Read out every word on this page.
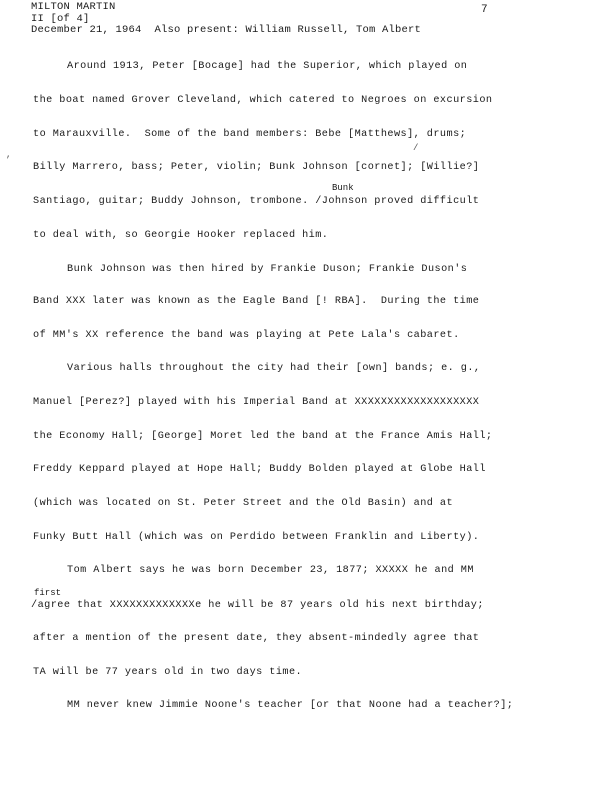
MILTON MARTIN
II [of 4]
December 21, 1964  Also present: William Russell, Tom Albert
7
,
/
Around 1913, Peter [Bocage] had the Superior, which played on
the boat named Grover Cleveland, which catered to Negroes on excursion
to Marauxville.  Some of the band members: Bebe [Matthews], drums;
Billy Marrero, bass; Peter, violin; Bunk Johnson [cornet]; [Willie?]
Bunk
Santiago, guitar; Buddy Johnson, trombone. /Johnson proved difficult
to deal with, so Georgie Hooker replaced him.
Bunk Johnson was then hired by Frankie Duson; Frankie Duson's
Band XXX later was known as the Eagle Band [! RBA].  During the time
of MM's XX reference the band was playing at Pete Lala's cabaret.
Various halls throughout the city had their [own] bands; e. g.,
Manuel [Perez?] played with his Imperial Band at XXXXXXXXXXXXXXXXXXX
the Economy Hall; [George] Moret led the band at the France Amis Hall;
Freddy Keppard played at Hope Hall; Buddy Bolden played at Globe Hall
(which was located on St. Peter Street and the Old Basin) and at
Funky Butt Hall (which was on Perdido between Franklin and Liberty).
Tom Albert says he was born December 23, 1877; XXXXX he and MM
first
/agree that XXXXXXXXXXXXXe he will be 87 years old his next birthday;
after a mention of the present date, they absent-mindedly agree that
TA will be 77 years old in two days time.
MM never knew Jimmie Noone's teacher [or that Noone had a teacher?];
